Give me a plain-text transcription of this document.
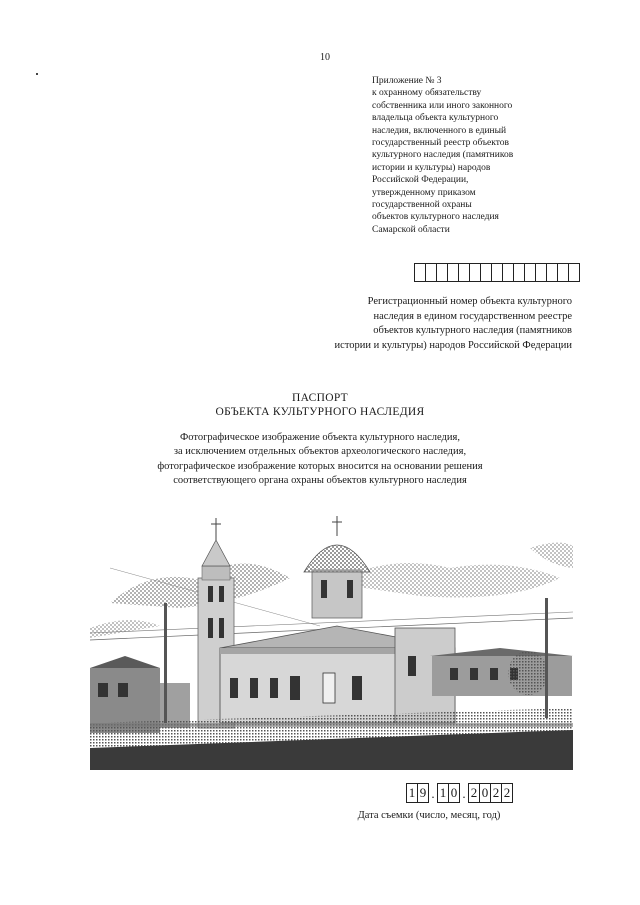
10
Приложение № 3
к охранному обязательству
собственника или иного законного
владельца объекта культурного
наследия, включенного в единый
государственный реестр объектов
культурного наследия (памятников
истории и культуры) народов
Российской Федерации,
утвержденному приказом
государственной охраны
объектов культурного наследия
Самарской области
Регистрационный номер объекта культурного
наследия в едином государственном реестре
объектов культурного наследия (памятников
истории и культуры) народов Российской Федерации
ПАСПОРТ
ОБЪЕКТА КУЛЬТУРНОГО НАСЛЕДИЯ
Фотографическое изображение объекта культурного наследия,
за исключением отдельных объектов археологического наследия,
фотографическое изображение которых вносится на основании решения
соответствующего органа охраны объектов культурного наследия
1 9 . 1 0 . 2 0 2 2
Дата съемки (число, месяц, год)
